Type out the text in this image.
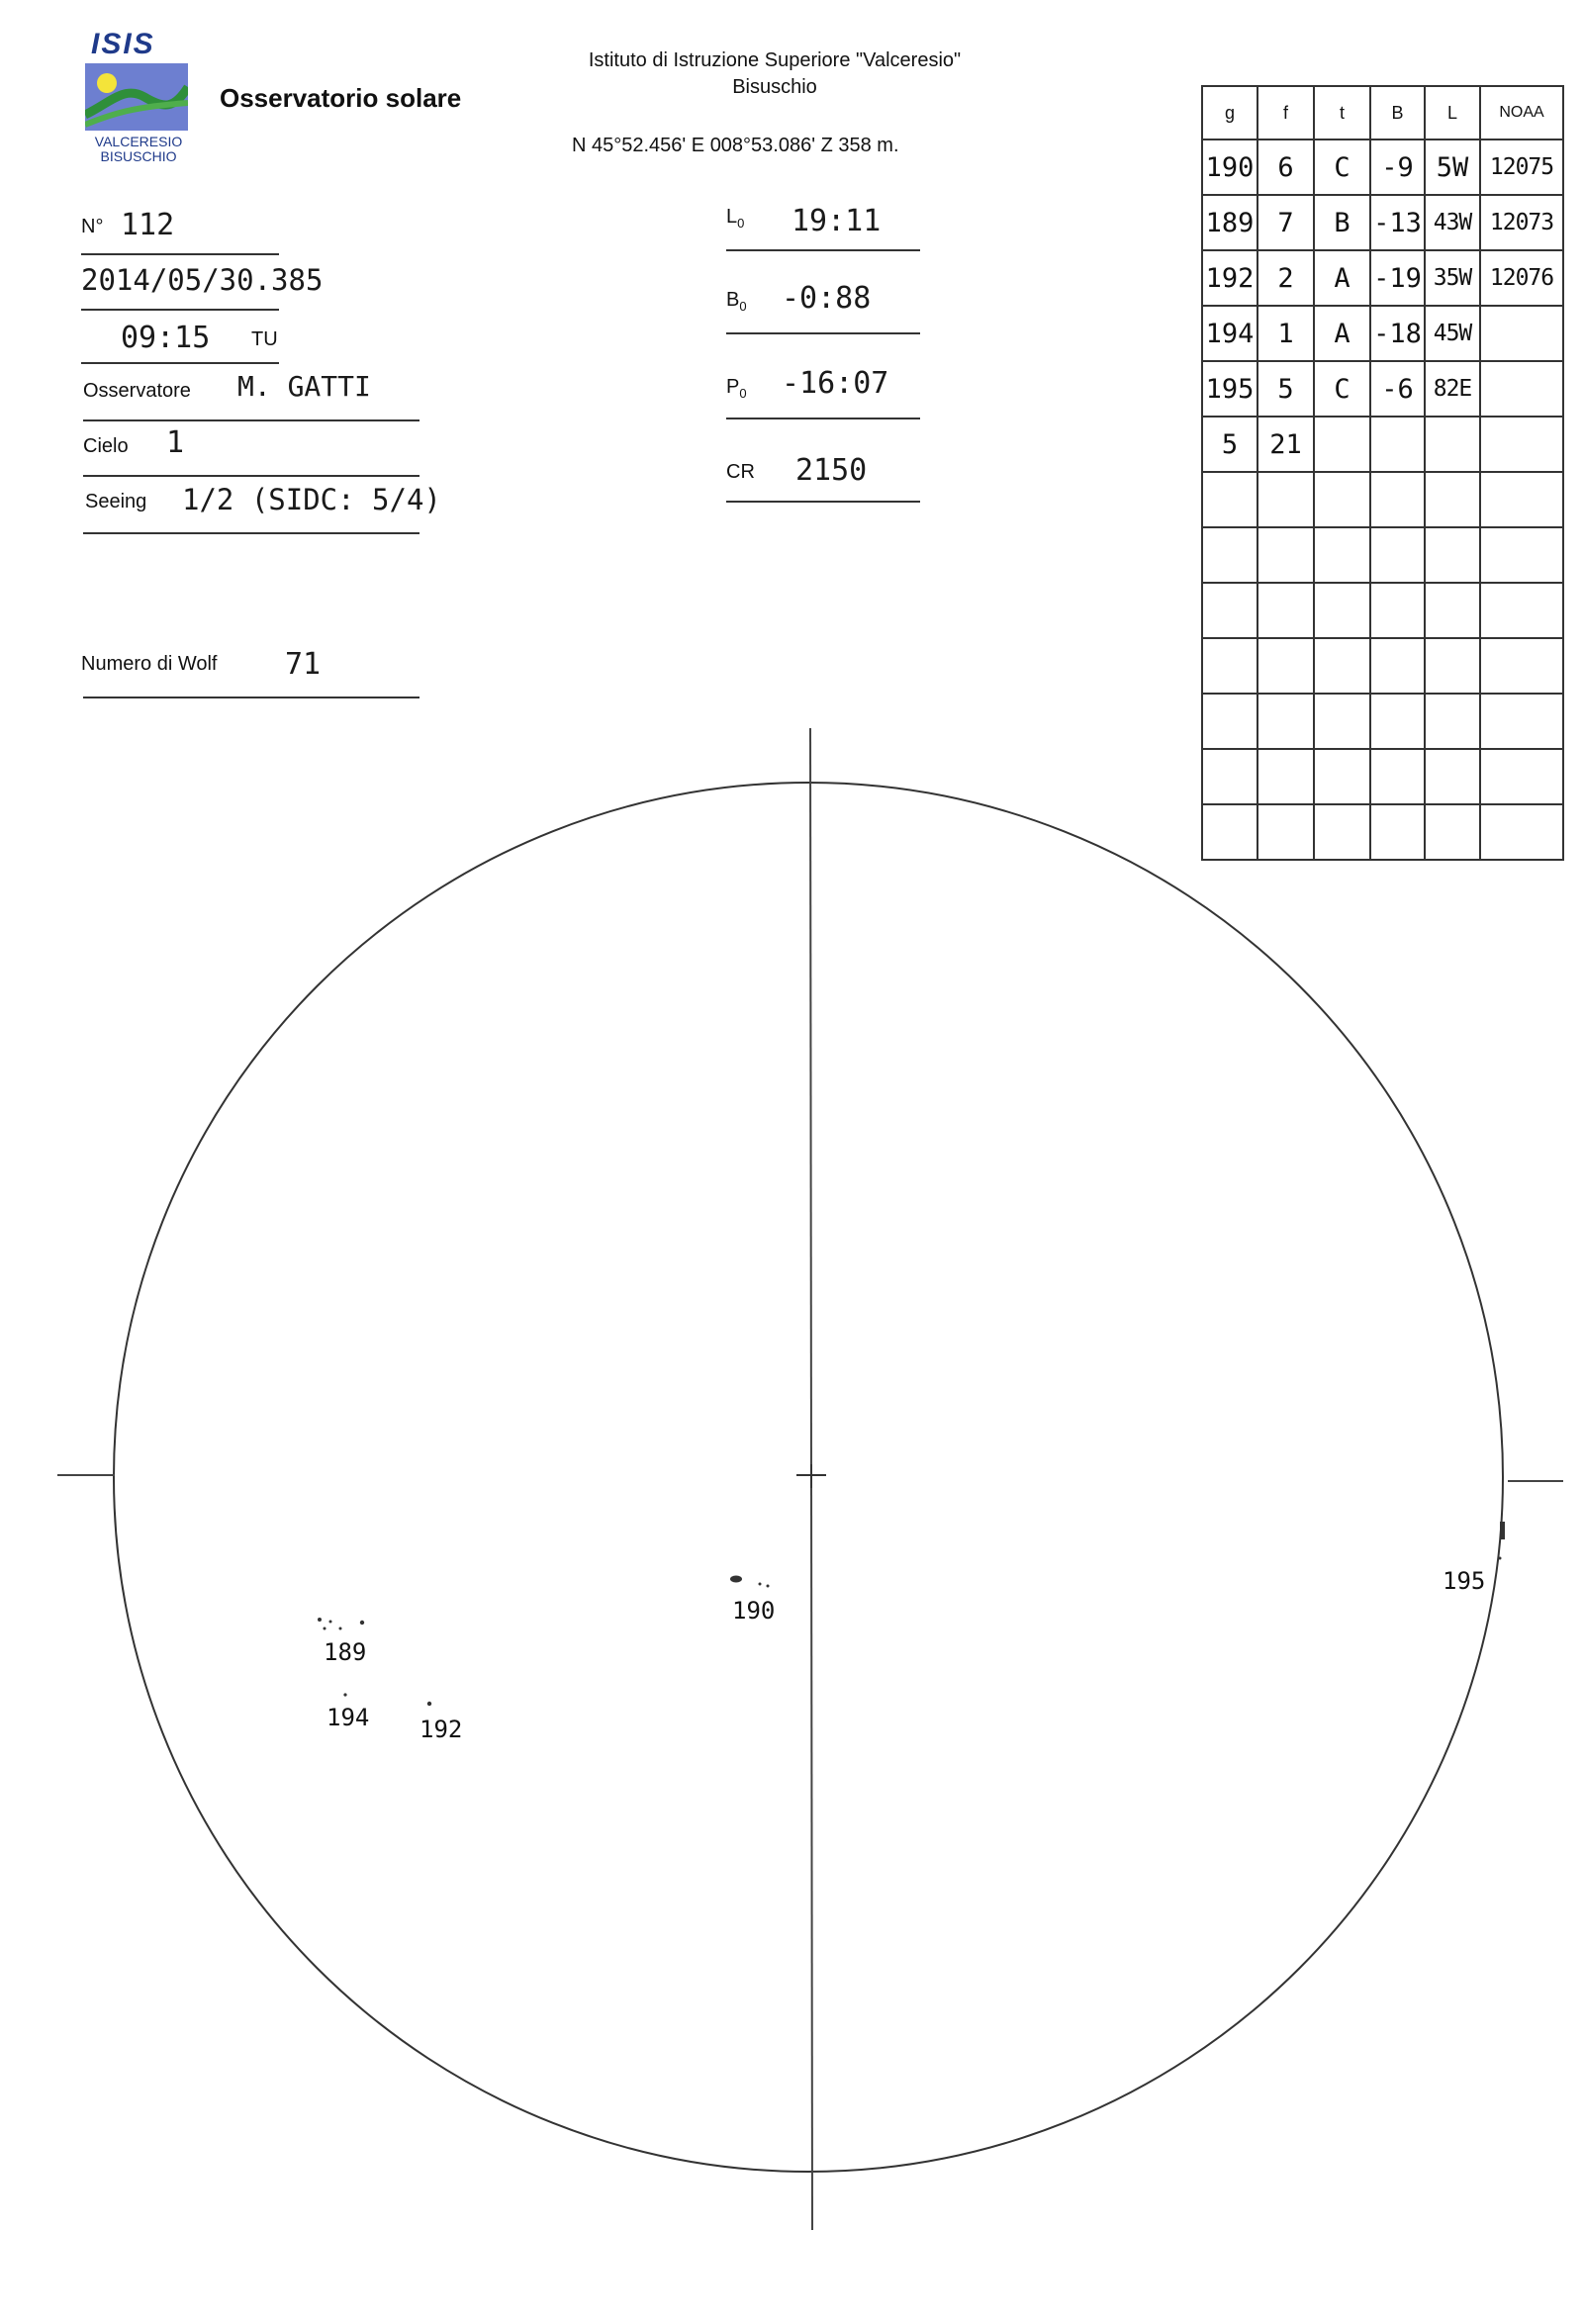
ISIS
VALCERESIO
BISUSCHIO
Osservatorio solare
Istituto di Istruzione Superiore "Valceresio"
Bisuschio
N 45°52.456' E 008°53.086' Z 358 m.
N° 112
2014/05/30.385
09:15 TU
Osservatore M. GATTI
Cielo 1
Seeing 1/2 (SIDC: 5/4)
Numero di Wolf 71
$L_0$ 19:11
$B_0$ -0:88
$P_0$ -16:07
CR 2150
g	f	t	B	L	NOAA
190	6	C	-9	5W	12075
189	7	B	-13	43W	12073
192	2	A	-19	35W	12076
194	1	A	-18	45W	
195	5	C	-6	82E	
5	21				

190
189
194 192
195
